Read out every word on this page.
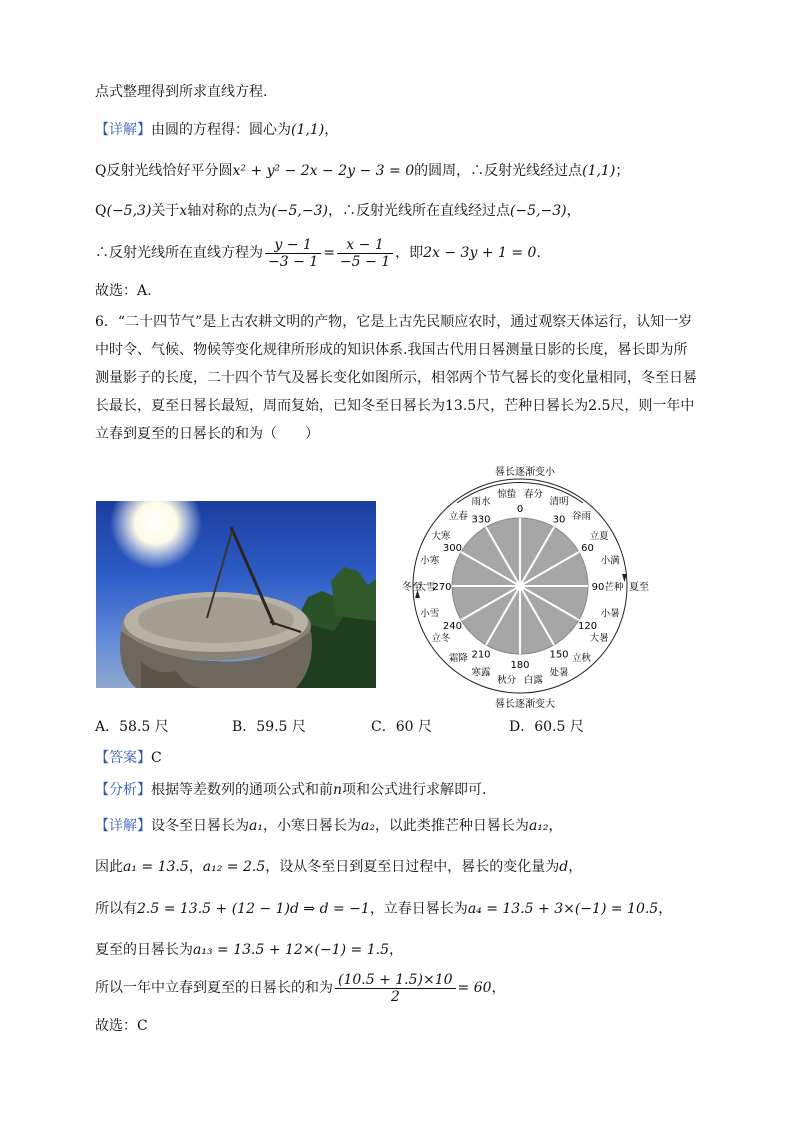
点式整理得到所求直线方程.
【详解】由圆的方程得：圆心为(1,1)，
Q反射光线恰好平分圆x² + y² − 2x − 2y − 3 = 0的圆周，∴反射光线经过点(1,1)；
Q(−5,3)关于x轴对称的点为(−5,−3)，∴反射光线所在直线经过点(−5,−3)，
∴反射光线所在直线方程为 $\frac{y - 1}{-3 - 1} = \frac{x - 1}{-5 - 1}$ ，即2x − 3y + 1 = 0.
故选：A.
6．“二十四节气”是上古农耕文明的产物，它是上古先民顺应农时，通过观察天体运行，认知一岁中时令、气候、物候等变化规律所形成的知识体系.我国古代用日晷测量日影的长度，晷长即为所测量影子的长度，二十四个节气及晷长变化如图所示，相邻两个节气晷长的变化量相同，冬至日晷长最长，夏至日晷长最短，周而复始，已知冬至日晷长为13.5尺，芒种日晷长为2.5尺，则一年中立春到夏至的日晷长的和为（　　）
晷长逐渐变小
晷长逐渐变大
0
30
60
90
120
150
180
210
240
270
300
330
春分
清明
谷雨
立夏
小满
芒种
小暑
大暑
立秋
处暑
白露
秋分
寒露
霜降
立冬
小雪
大雪
小寒
大寒
立春
雨水
惊蛰
冬至	夏至
A．58.5 尺	B．59.5 尺	C．60 尺	D．60.5 尺
【答案】C
【分析】根据等差数列的通项公式和前n项和公式进行求解即可.
【详解】设冬至日晷长为a₁，小寒日晷长为a₂，以此类推芒种日晷长为a₁₂，
因此a₁ = 13.5，a₁₂ = 2.5，设从冬至日到夏至日过程中，晷长的变化量为d，
所以有2.5 = 13.5 + (12 − 1)d ⇒ d = −1，立春日晷长为a₄ = 13.5 + 3×(−1) = 10.5，
夏至的日晷长为a₁₃ = 13.5 + 12×(−1) = 1.5，
所以一年中立春到夏至的日晷长的和为 $\frac{(10.5 + 1.5)\times 10}{2} = 60$，
故选：C
